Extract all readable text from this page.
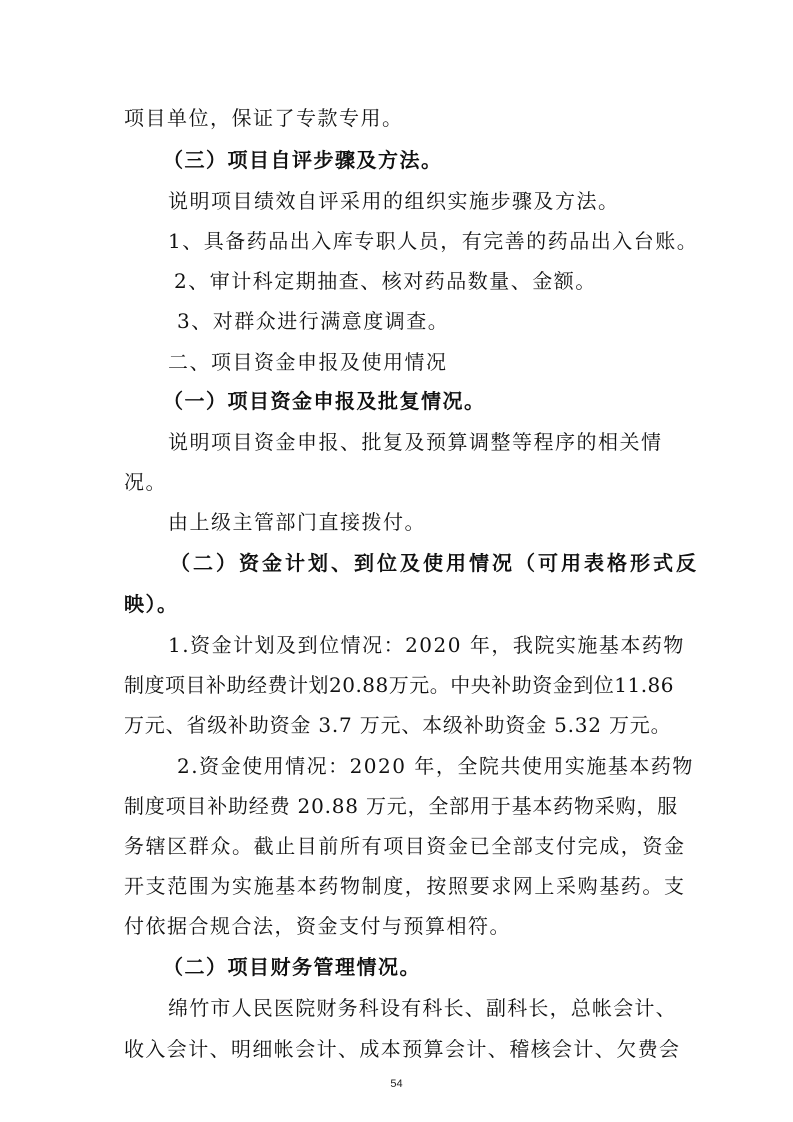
项目单位，保证了专款专用。
（三）项目自评步骤及方法。
说明项目绩效自评采用的组织实施步骤及方法。
1、具备药品出入库专职人员，有完善的药品出入台账。
2、审计科定期抽查、核对药品数量、金额。
3、对群众进行满意度调查。
二、项目资金申报及使用情况
（一）项目资金申报及批复情况。
说明项目资金申报、批复及预算调整等程序的相关情
况。
由上级主管部门直接拨付。
（二）资金计划、到位及使用情况（可用表格形式反
映）。
1.资金计划及到位情况：2020 年，我院实施基本药物
制度项目补助经费计划20.88万元。中央补助资金到位11.86
万元、省级补助资金 3.7 万元、本级补助资金 5.32 万元。
2.资金使用情况：2020 年，全院共使用实施基本药物
制度项目补助经费 20.88 万元，全部用于基本药物采购，服
务辖区群众。截止目前所有项目资金已全部支付完成，资金
开支范围为实施基本药物制度，按照要求网上采购基药。支
付依据合规合法，资金支付与预算相符。
（二）项目财务管理情况。
绵竹市人民医院财务科设有科长、副科长，总帐会计、
收入会计、明细帐会计、成本预算会计、稽核会计、欠费会
54
